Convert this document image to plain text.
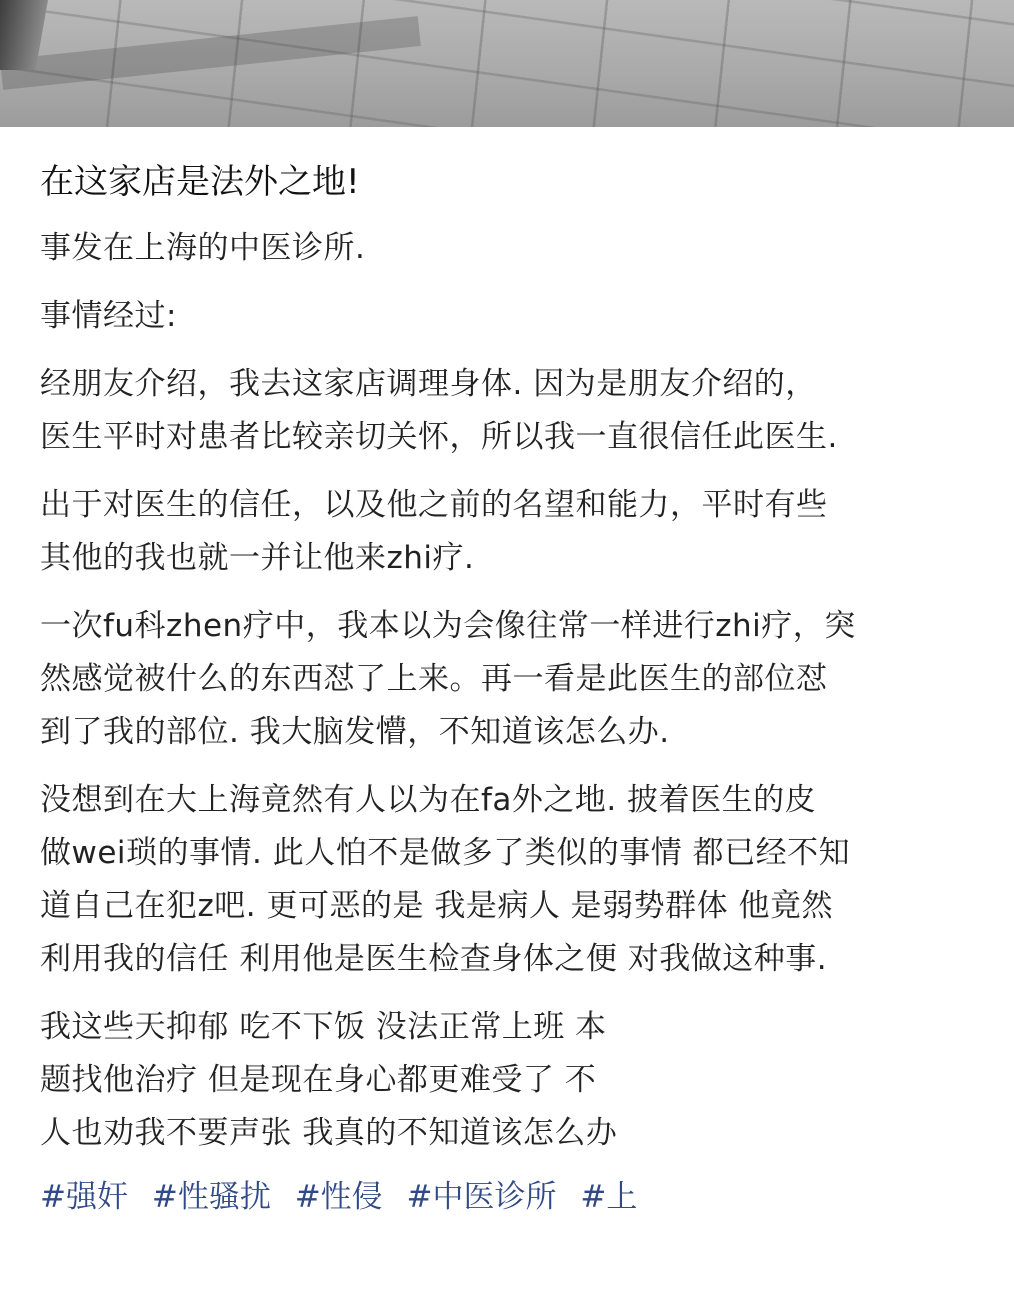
在这家店是法外之地!
事发在上海的中医诊所.
事情经过:
经朋友介绍，我去这家店调理身体. 因为是朋友介绍的，
医生平时对患者比较亲切关怀，所以我一直很信任此医生.
出于对医生的信任，以及他之前的名望和能力，平时有些
其他的我也就一并让他来zhi疗.
一次fu科zhen疗中，我本以为会像往常一样进行zhi疗，突
然感觉被什么的东西怼了上来。再一看是此医生的部位怼
到了我的部位. 我大脑发懵，不知道该怎么办.
没想到在大上海竟然有人以为在fa外之地. 披着医生的皮
做wei琐的事情. 此人怕不是做多了类似的事情 都已经不知
道自己在犯z吧. 更可恶的是 我是病人 是弱势群体 他竟然
利用我的信任 利用他是医生检查身体之便 对我做这种事.
我这些天抑郁 吃不下饭 没法正常上班 本
题找他治疗 但是现在身心都更难受了 不
人也劝我不要声张 我真的不知道该怎么办
#强奸 #性骚扰 #性侵 #中医诊所 #上
